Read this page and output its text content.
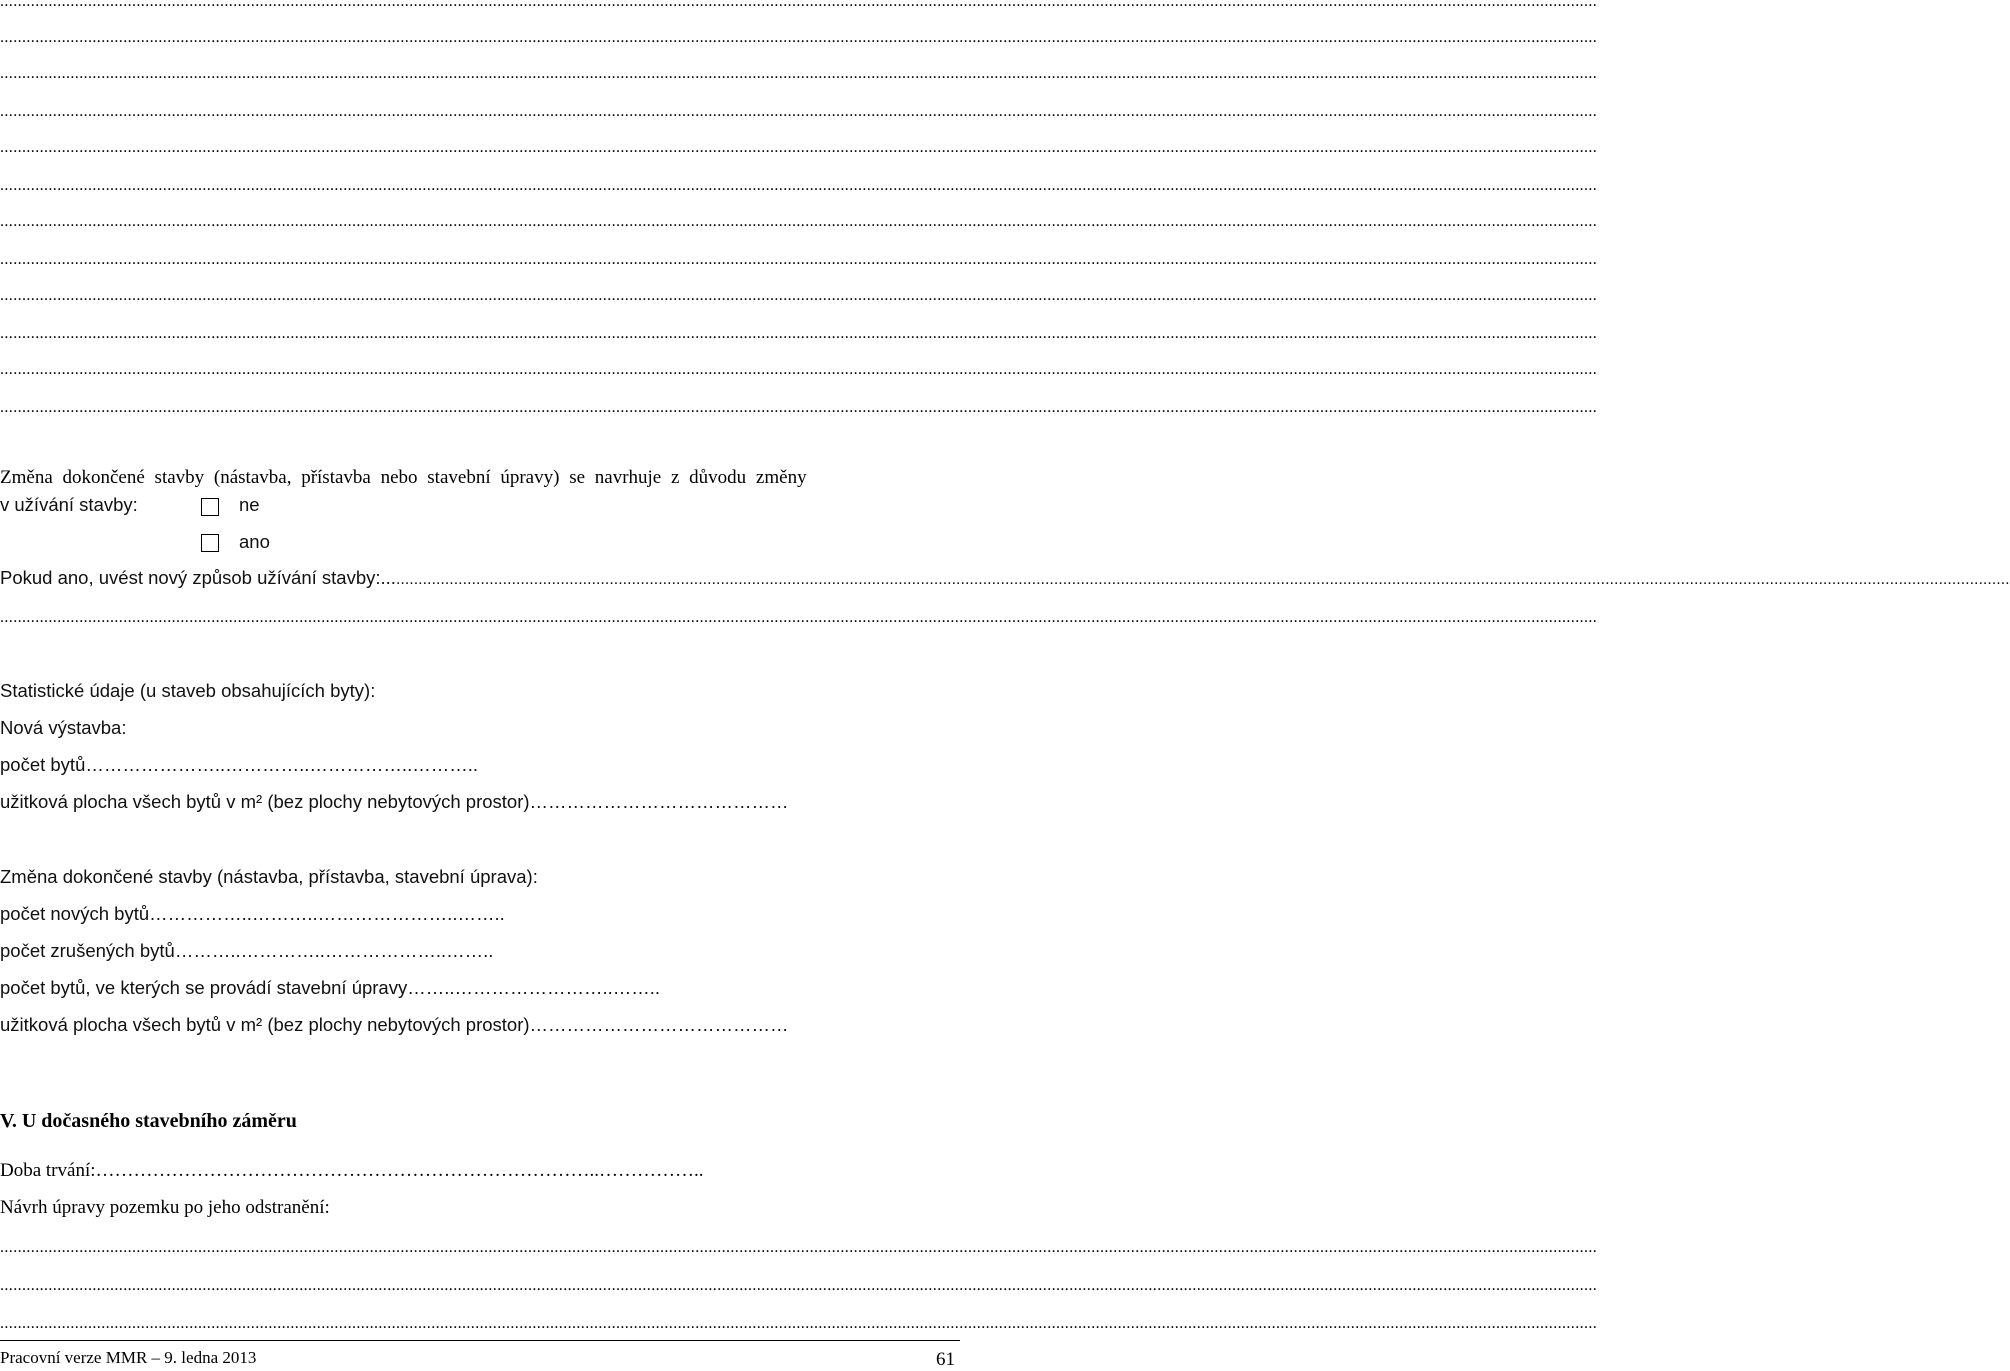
...........................................................................................................................................................................................................................................................................................................................................................................
...........................................................................................................................................................................................................................................................................................................................................................................
...........................................................................................................................................................................................................................................................................................................................................................................
...........................................................................................................................................................................................................................................................................................................................................................................
...........................................................................................................................................................................................................................................................................................................................................................................
...........................................................................................................................................................................................................................................................................................................................................................................
...........................................................................................................................................................................................................................................................................................................................................................................
...........................................................................................................................................................................................................................................................................................................................................................................
...........................................................................................................................................................................................................................................................................................................................................................................
...........................................................................................................................................................................................................................................................................................................................................................................
...........................................................................................................................................................................................................................................................................................................................................................................
...........................................................................................................................................................................................................................................................................................................................................................................
Změna dokončené stavby (nástavba, přístavba nebo stavební úpravy) se navrhuje z důvodu změny
v užívání stavby:	ne
ano
Pokud ano, uvést nový způsob užívání stavby:..............................................................................................................................................................................................................................................................................................................................................................................
...........................................................................................................................................................................................................................................................................................................................................................................
Statistické údaje (u staveb obsahujících byty):
Nová výstavba:
počet bytů…………………..…………..……………..………..
užitková plocha všech bytů v m² (bez plochy nebytových prostor)……………………………………
Změna dokončené stavby (nástavba, přístavba, stavební úprava):
počet nových bytů……………..………..…………………..……..
počet zrušených bytů………..…………..………………..……..
počet bytů, ve kterých se provádí stavební úpravy……..……………………..……..
užitková plocha všech bytů v m² (bez plochy nebytových prostor)……………………………………
V. U dočasného stavebního záměru
Doba trvání:……………………………………………………………………..……………..
Návrh úpravy pozemku po jeho odstranění:
...........................................................................................................................................................................................................................................................................................................................................................................
...........................................................................................................................................................................................................................................................................................................................................................................
...........................................................................................................................................................................................................................................................................................................................................................................
Pracovní verze MMR – 9. ledna 2013	61
